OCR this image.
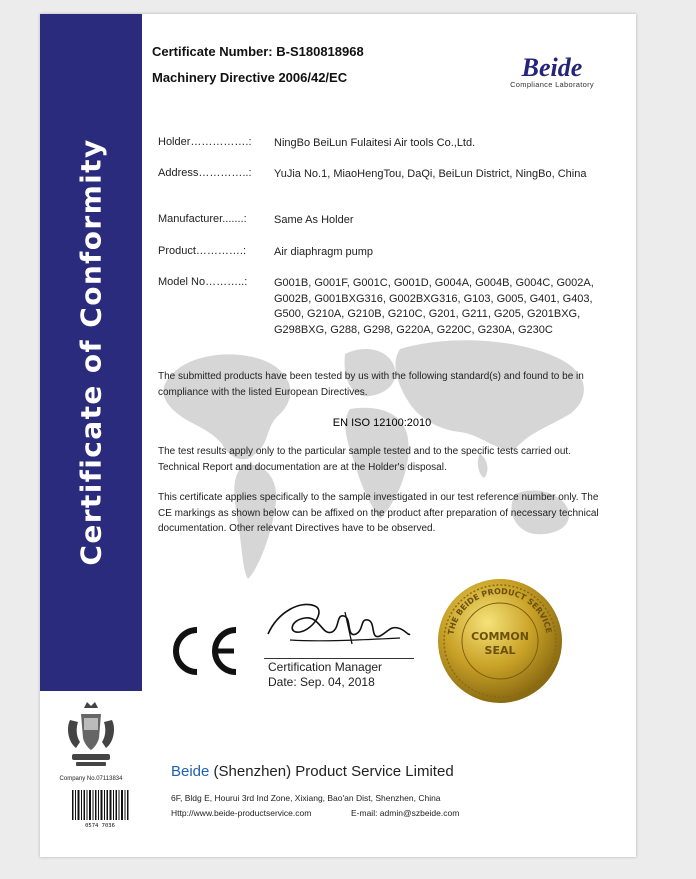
Certificate of Conformity
Certificate Number: B-S180818968
Machinery Directive 2006/42/EC	Beide
Compliance Laboratory
Holder…………….:	NingBo BeiLun Fulaitesi Air tools Co.,Ltd.
Address…………..:	YuJia No.1, MiaoHengTou, DaQi, BeiLun District, NingBo, China
Manufacturer.......:	Same As Holder
Product………….:	Air diaphragm pump
Model No………..:	G001B, G001F, G001C, G001D, G004A, G004B, G004C, G002A, G002B, G001BXG316, G002BXG316, G103, G005, G401, G403, G500, G210A, G210B, G210C, G201, G211, G205, G201BXG, G298BXG, G288, G298, G220A, G220C, G230A, G230C
The submitted products have been tested by us with the following standard(s) and found to be in compliance with the listed European Directives.
EN ISO 12100:2010
The test results apply only to the particular sample tested and to the specific tests carried out. Technical Report and documentation are at the Holder's disposal.
This certificate applies specifically to the sample investigated in our test reference number only. The CE markings as shown below can be affixed on the product after preparation of necessary technical documentation. Other relevant Directives have to be observed.
Certification Manager
Date: Sep. 04, 2018
THE BEIDE PRODUCT SERVICE
COMMON
SEAL
Company No.07113834
0574 7036
Beide (Shenzhen) Product Service Limited
6F, Bldg E, Hourui 3rd Ind Zone, Xixiang, Bao'an Dist, Shenzhen, China
Http://www.beide-productservice.com	E-mail: admin@szbeide.com
